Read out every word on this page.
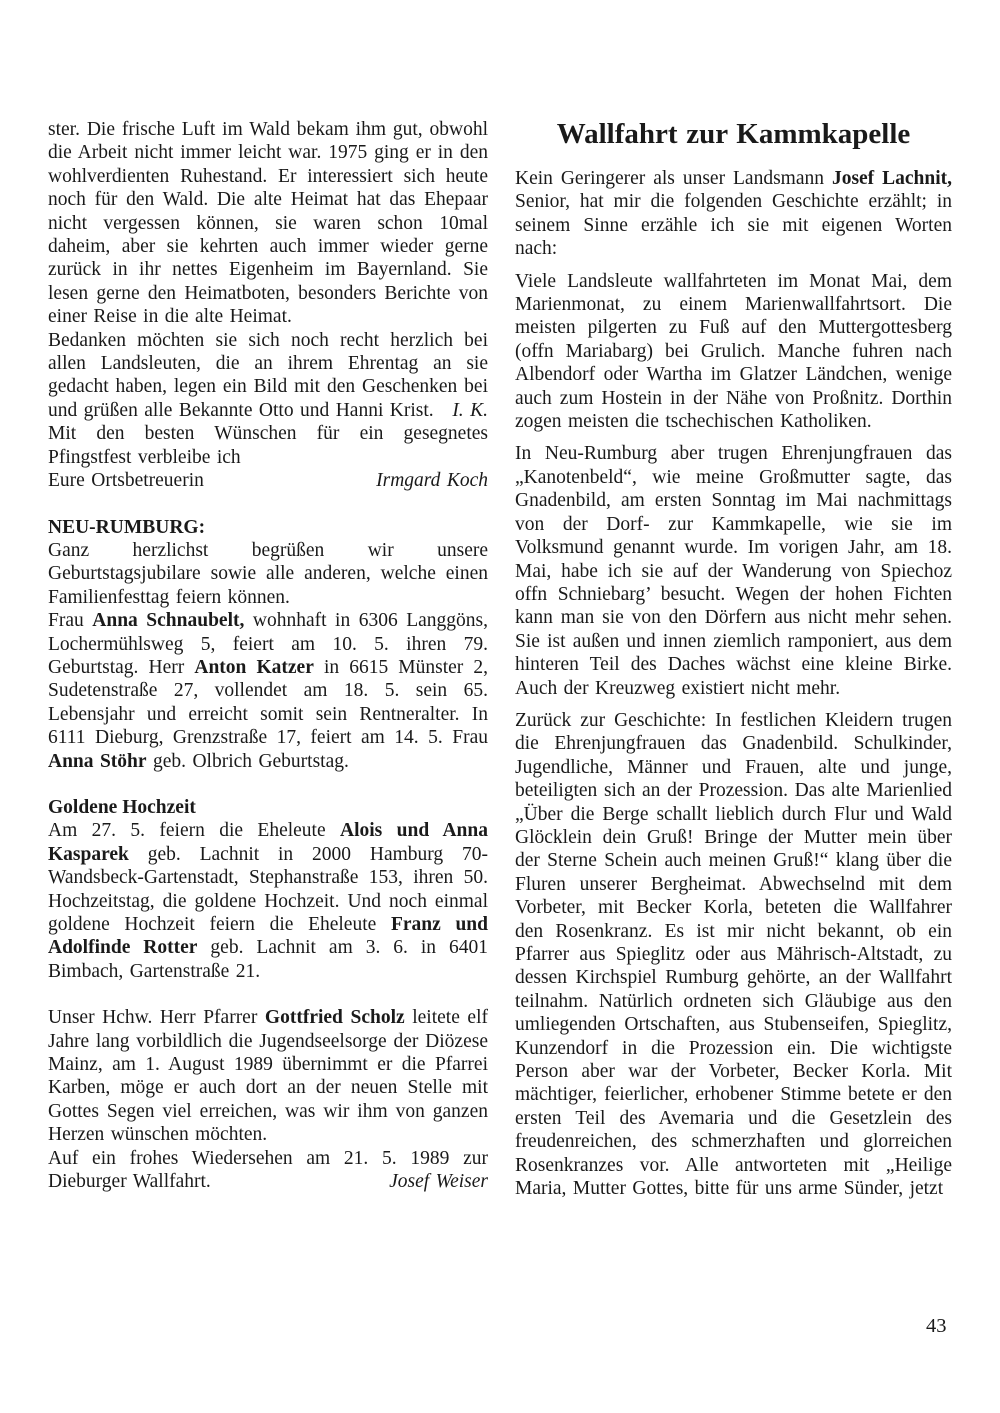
ster. Die frische Luft im Wald bekam ihm gut, obwohl die Arbeit nicht immer leicht war. 1975 ging er in den wohlverdienten Ruhestand. Er interessiert sich heute noch für den Wald. Die alte Heimat hat das Ehepaar nicht vergessen können, sie waren schon 10mal daheim, aber sie kehrten auch immer wieder gerne zurück in ihr nettes Eigenheim im Bayernland. Sie lesen gerne den Heimatboten, besonders Berichte von einer Reise in die alte Heimat.

Bedanken möchten sie sich noch recht herzlich bei allen Landsleuten, die an ihrem Ehrentag an sie gedacht haben, legen ein Bild mit den Geschenken bei und grüßen alle Bekannte Otto und Hanni Krist. I. K.

Mit den besten Wünschen für ein gesegnetes Pfingstfest verbleibe ich

Eure Ortsbetreuerin	Irmgard Koch

NEU-RUMBURG:

Ganz herzlichst begrüßen wir unsere Geburtstagsjubilare sowie alle anderen, welche einen Familienfesttag feiern können.

Frau Anna Schnaubelt, wohnhaft in 6306 Langgöns, Lochermühlsweg 5, feiert am 10. 5. ihren 79. Geburtstag. Herr Anton Katzer in 6615 Münster 2, Sudetenstraße 27, vollendet am 18. 5. sein 65. Lebensjahr und erreicht somit sein Rentneralter. In 6111 Dieburg, Grenzstraße 17, feiert am 14. 5. Frau Anna Stöhr geb. Olbrich Geburtstag.

Goldene Hochzeit

Am 27. 5. feiern die Eheleute Alois und Anna Kasparek geb. Lachnit in 2000 Hamburg 70-Wandsbeck-Gartenstadt, Stephanstraße 153, ihren 50. Hochzeitstag, die goldene Hochzeit. Und noch einmal goldene Hochzeit feiern die Eheleute Franz und Adolfinde Rotter geb. Lachnit am 3. 6. in 6401 Bimbach, Gartenstraße 21.

Unser Hchw. Herr Pfarrer Gottfried Scholz leitete elf Jahre lang vorbildlich die Jugendseelsorge der Diözese Mainz, am 1. August 1989 übernimmt er die Pfarrei Karben, möge er auch dort an der neuen Stelle mit Gottes Segen viel erreichen, was wir ihm von ganzen Herzen wünschen möchten.

Auf ein frohes Wiedersehen am 21. 5. 1989 zur Dieburger Wallfahrt.	Josef Weiser

Wallfahrt zur Kammkapelle

Kein Geringerer als unser Landsmann Josef Lachnit, Senior, hat mir die folgenden Geschichte erzählt; in seinem Sinne erzähle ich sie mit eigenen Worten nach:

Viele Landsleute wallfahrteten im Monat Mai, dem Marienmonat, zu einem Marienwallfahrtsort. Die meisten pilgerten zu Fuß auf den Muttergottesberg (offn Mariabarg) bei Grulich. Manche fuhren nach Albendorf oder Wartha im Glatzer Ländchen, wenige auch zum Hostein in der Nähe von Proßnitz. Dorthin zogen meisten die tschechischen Katholiken.

In Neu-Rumburg aber trugen Ehrenjungfrauen das „Kanotenbeld“, wie meine Großmutter sagte, das Gnadenbild, am ersten Sonntag im Mai nachmittags von der Dorf- zur Kammkapelle, wie sie im Volksmund genannt wurde. Im vorigen Jahr, am 18. Mai, habe ich sie auf der Wanderung von Spiechoz offn Schniebarg’ besucht. Wegen der hohen Fichten kann man sie von den Dörfern aus nicht mehr sehen. Sie ist außen und innen ziemlich ramponiert, aus dem hinteren Teil des Daches wächst eine kleine Birke. Auch der Kreuzweg existiert nicht mehr.

Zurück zur Geschichte: In festlichen Kleidern trugen die Ehrenjungfrauen das Gnadenbild. Schulkinder, Jugendliche, Männer und Frauen, alte und junge, beteiligten sich an der Prozession. Das alte Marienlied „Über die Berge schallt lieblich durch Flur und Wald Glöcklein dein Gruß! Bringe der Mutter mein über der Sterne Schein auch meinen Gruß!“ klang über die Fluren unserer Bergheimat. Abwechselnd mit dem Vorbeter, mit Becker Korla, beteten die Wallfahrer den Rosenkranz. Es ist mir nicht bekannt, ob ein Pfarrer aus Spieglitz oder aus Mährisch-Altstadt, zu dessen Kirchspiel Rumburg gehörte, an der Wallfahrt teilnahm. Natürlich ordneten sich Gläubige aus den umliegenden Ortschaften, aus Stubenseifen, Spieglitz, Kunzendorf in die Prozession ein. Die wichtigste Person aber war der Vorbeter, Becker Korla. Mit mächtiger, feierlicher, erhobener Stimme betete er den ersten Teil des Avemaria und die Gesetzlein des freudenreichen, des schmerzhaften und glorreichen Rosenkranzes vor. Alle antworteten mit „Heilige Maria, Mutter Gottes, bitte für uns arme Sünder, jetzt

43
